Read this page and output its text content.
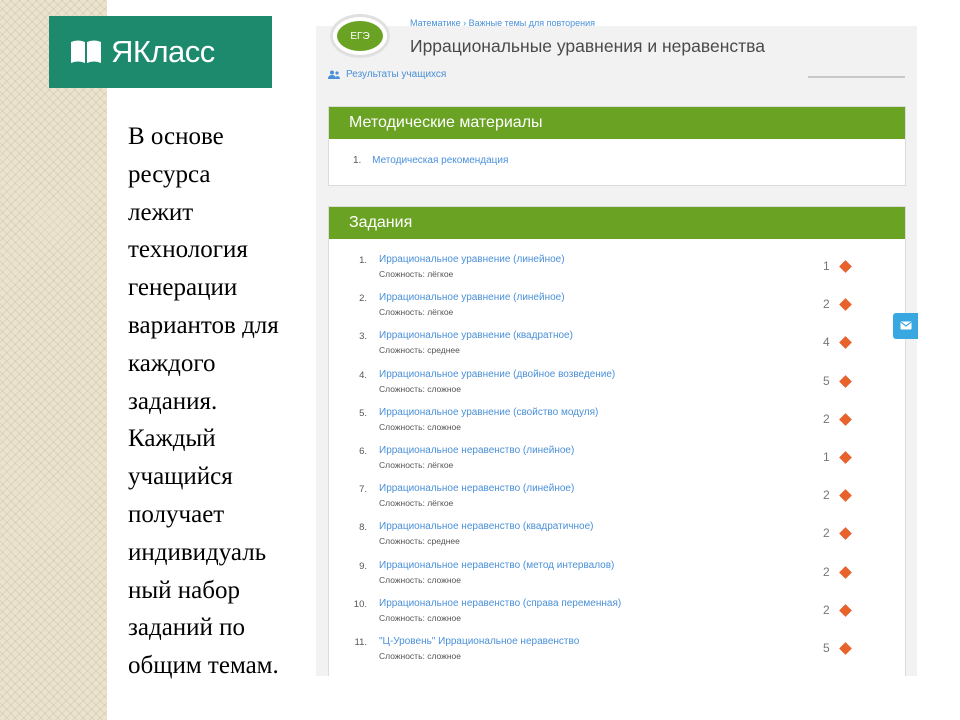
ЯКласс
В основе
ресурса
лежит
технология
генерации
вариантов для
каждого
задания.
Каждый
учащийся
получает
индивидуаль
ный набор
заданий по
общим темам.
ЕГЭ
Математике › Важные темы для повторения
Иррациональные уравнения и неравенства
Результаты учащихся
Методические материалы
1. Методическая рекомендация
Задания
1.	Иррациональное уравнение (линейное)
Сложность: лёгкое
1
2.	Иррациональное уравнение (линейное)
Сложность: лёгкое
2
3.	Иррациональное уравнение (квадратное)
Сложность: среднее
4
4.	Иррациональное уравнение (двойное возведение)
Сложность: сложное
5
5.	Иррациональное уравнение (свойство модуля)
Сложность: сложное
2
6.	Иррациональное неравенство (линейное)
Сложность: лёгкое
1
7.	Иррациональное неравенство (линейное)
Сложность: лёгкое
2
8.	Иррациональное неравенство (квадратичное)
Сложность: среднее
2
9.	Иррациональное неравенство (метод интервалов)
Сложность: сложное
2
10.	Иррациональное неравенство (справа переменная)
Сложность: сложное
2
11.	"Ц-Уровень" Иррациональное неравенство
Сложность: сложное
5
